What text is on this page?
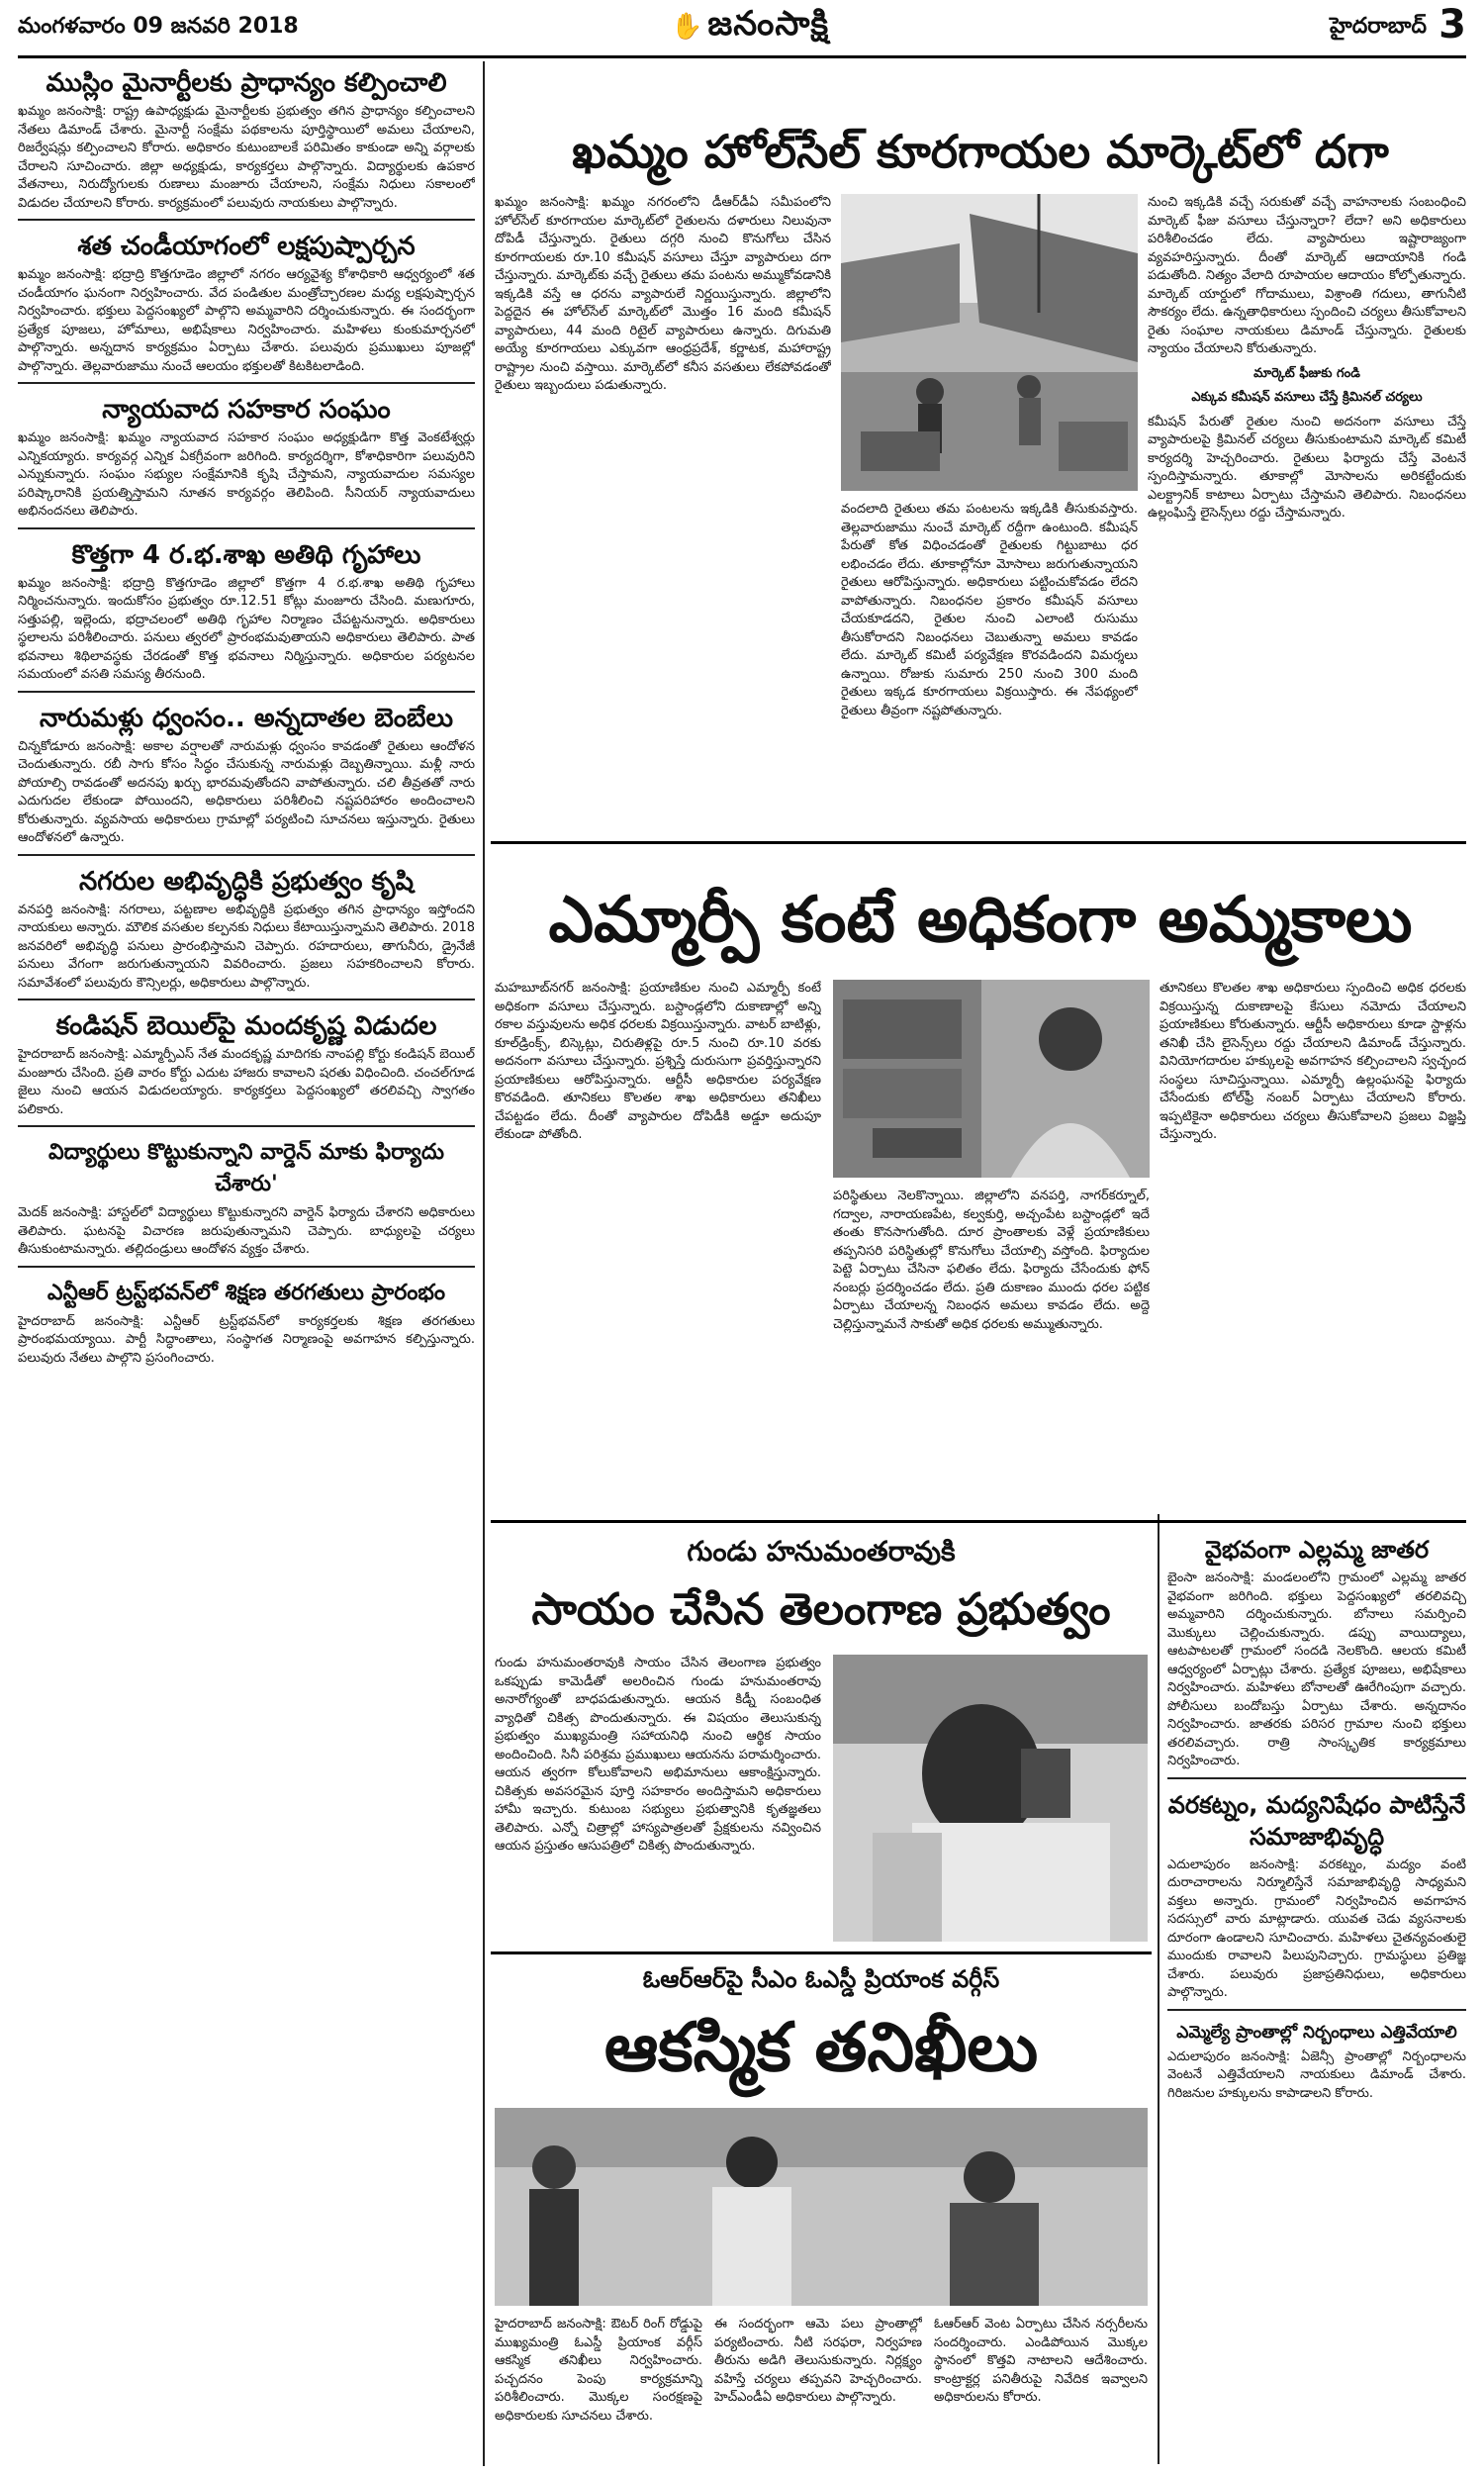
మంగళవారం 09 జనవరి 2018	✋ జనంసాక్షి	హైదరాబాద్ 3
ముస్లిం మైనార్టీలకు ప్రాధాన్యం కల్పించాలి

ఖమ్మం జనంసాక్షి: రాష్ట్ర ఉపాధ్యక్షుడు మైనార్టీలకు ప్రభుత్వం తగిన ప్రాధాన్యం కల్పించాలని నేతలు డిమాండ్ చేశారు. మైనార్టీ సంక్షేమ పథకాలను పూర్తిస్థాయిలో అమలు చేయాలని, రిజర్వేషన్లు కల్పించాలని కోరారు. అధికారం కుటుంబాలకే పరిమితం కాకుండా అన్ని వర్గాలకు చేరాలని సూచించారు. జిల్లా అధ్యక్షుడు, కార్యకర్తలు పాల్గొన్నారు. విద్యార్థులకు ఉపకార వేతనాలు, నిరుద్యోగులకు రుణాలు మంజూరు చేయాలని, సంక్షేమ నిధులు సకాలంలో విడుదల చేయాలని కోరారు. కార్యక్రమంలో పలువురు నాయకులు పాల్గొన్నారు.

శత చండీయాగంలో లక్షపుష్పార్చన

ఖమ్మం జనంసాక్షి: భద్రాద్రి కొత్తగూడెం జిల్లాలో నగరం ఆర్యవైశ్య కోశాధికారి ఆధ్వర్యంలో శత చండీయాగం ఘనంగా నిర్వహించారు. వేద పండితుల మంత్రోచ్చారణల మధ్య లక్షపుష్పార్చన నిర్వహించారు. భక్తులు పెద్దసంఖ్యలో పాల్గొని అమ్మవారిని దర్శించుకున్నారు. ఈ సందర్భంగా ప్రత్యేక పూజలు, హోమాలు, అభిషేకాలు నిర్వహించారు. మహిళలు కుంకుమార్చనలో పాల్గొన్నారు. అన్నదాన కార్యక్రమం ఏర్పాటు చేశారు. పలువురు ప్రముఖులు పూజల్లో పాల్గొన్నారు. తెల్లవారుజాము నుంచే ఆలయం భక్తులతో కిటకిటలాడింది.

న్యాయవాద సహకార సంఘం

ఖమ్మం జనంసాక్షి: ఖమ్మం న్యాయవాద సహకార సంఘం అధ్యక్షుడిగా కొత్త వెంకటేశ్వర్లు ఎన్నికయ్యారు. కార్యవర్గ ఎన్నిక ఏకగ్రీవంగా జరిగింది. కార్యదర్శిగా, కోశాధికారిగా పలువురిని ఎన్నుకున్నారు. సంఘం సభ్యుల సంక్షేమానికి కృషి చేస్తామని, న్యాయవాదుల సమస్యల పరిష్కారానికి ప్రయత్నిస్తామని నూతన కార్యవర్గం తెలిపింది. సీనియర్ న్యాయవాదులు అభినందనలు తెలిపారు.

కొత్తగా 4 ర.భ.శాఖ అతిథి గృహాలు

ఖమ్మం జనంసాక్షి: భద్రాద్రి కొత్తగూడెం జిల్లాలో కొత్తగా 4 ర.భ.శాఖ అతిథి గృహాలు నిర్మించనున్నారు. ఇందుకోసం ప్రభుత్వం రూ.12.51 కోట్లు మంజూరు చేసింది. మణుగూరు, సత్తుపల్లి, ఇల్లెందు, భద్రాచలంలో అతిథి గృహాల నిర్మాణం చేపట్టనున్నారు. అధికారులు స్థలాలను పరిశీలించారు. పనులు త్వరలో ప్రారంభమవుతాయని అధికారులు తెలిపారు. పాత భవనాలు శిథిలావస్థకు చేరడంతో కొత్త భవనాలు నిర్మిస్తున్నారు. అధికారుల పర్యటనల సమయంలో వసతి సమస్య తీరనుంది.

నారుమళ్లు ధ్వంసం.. అన్నదాతల బెంబేలు

చిన్నకోడూరు జనంసాక్షి: అకాల వర్షాలతో నారుమళ్లు ధ్వంసం కావడంతో రైతులు ఆందోళన చెందుతున్నారు. రబీ సాగు కోసం సిద్ధం చేసుకున్న నారుమళ్లు దెబ్బతిన్నాయి. మళ్లీ నారు పోయాల్సి రావడంతో అదనపు ఖర్చు భారమవుతోందని వాపోతున్నారు. చలి తీవ్రతతో నారు ఎదుగుదల లేకుండా పోయిందని, అధికారులు పరిశీలించి నష్టపరిహారం అందించాలని కోరుతున్నారు. వ్యవసాయ అధికారులు గ్రామాల్లో పర్యటించి సూచనలు ఇస్తున్నారు. రైతులు ఆందోళనలో ఉన్నారు.

నగరుల అభివృద్ధికి ప్రభుత్వం కృషి

వనపర్తి జనంసాక్షి: నగరాలు, పట్టణాల అభివృద్ధికి ప్రభుత్వం తగిన ప్రాధాన్యం ఇస్తోందని నాయకులు అన్నారు. మౌలిక వసతుల కల్పనకు నిధులు కేటాయిస్తున్నామని తెలిపారు. 2018 జనవరిలో అభివృద్ధి పనులు ప్రారంభిస్తామని చెప్పారు. రహదారులు, తాగునీరు, డ్రైనేజీ పనులు వేగంగా జరుగుతున్నాయని వివరించారు. ప్రజలు సహకరించాలని కోరారు. సమావేశంలో పలువురు కౌన్సిలర్లు, అధికారులు పాల్గొన్నారు.

కండిషన్ బెయిల్‌పై మందకృష్ణ విడుదల

హైదరాబాద్ జనంసాక్షి: ఎమ్మార్పీఎస్ నేత మందకృష్ణ మాదిగకు నాంపల్లి కోర్టు కండిషన్ బెయిల్ మంజూరు చేసింది. ప్రతి వారం కోర్టు ఎదుట హాజరు కావాలని షరతు విధించింది. చంచల్‌గూడ జైలు నుంచి ఆయన విడుదలయ్యారు. కార్యకర్తలు పెద్దసంఖ్యలో తరలివచ్చి స్వాగతం పలికారు.

విద్యార్థులు కొట్టుకున్నాని వార్డెన్ మాకు ఫిర్యాదు చేశారు'

మెదక్ జనంసాక్షి: హాస్టల్‌లో విద్యార్థులు కొట్టుకున్నారని వార్డెన్ ఫిర్యాదు చేశారని అధికారులు తెలిపారు. ఘటనపై విచారణ జరుపుతున్నామని చెప్పారు. బాధ్యులపై చర్యలు తీసుకుంటామన్నారు. తల్లిదండ్రులు ఆందోళన వ్యక్తం చేశారు.

ఎన్టీఆర్ ట్రస్ట్‌భవన్‌లో శిక్షణ తరగతులు ప్రారంభం

హైదరాబాద్ జనంసాక్షి: ఎన్టీఆర్ ట్రస్ట్‌భవన్‌లో కార్యకర్తలకు శిక్షణ తరగతులు ప్రారంభమయ్యాయి. పార్టీ సిద్ధాంతాలు, సంస్థాగత నిర్మాణంపై అవగాహన కల్పిస్తున్నారు. పలువురు నేతలు పాల్గొని ప్రసంగించారు.

ఖమ్మం హోల్‌సేల్ కూరగాయల మార్కెట్‌లో దగా

ఖమ్మం జనంసాక్షి: ఖమ్మం నగరంలోని డీఆర్‌డీఏ సమీపంలోని హోల్‌సేల్ కూరగాయల మార్కెట్‌లో రైతులను దళారులు నిలువునా దోపిడీ చేస్తున్నారు. రైతులు దగ్గరి నుంచి కొనుగోలు చేసిన కూరగాయలకు రూ.10 కమీషన్ వసూలు చేస్తూ వ్యాపారులు దగా చేస్తున్నారు. మార్కెట్‌కు వచ్చే రైతులు తమ పంటను అమ్ముకోవడానికి ఇక్కడికి వస్తే ఆ ధరను వ్యాపారులే నిర్ణయిస్తున్నారు. జిల్లాలోని పెద్దదైన ఈ హోల్‌సేల్ మార్కెట్‌లో మొత్తం 16 మంది కమీషన్ వ్యాపారులు, 44 మంది రిటైల్ వ్యాపారులు ఉన్నారు. దిగుమతి అయ్యే కూరగాయలు ఎక్కువగా ఆంధ్రప్రదేశ్, కర్ణాటక, మహారాష్ట్ర రాష్ట్రాల నుంచి వస్తాయి. మార్కెట్‌లో కనీస వసతులు లేకపోవడంతో రైతులు ఇబ్బందులు పడుతున్నారు.

వందలాది రైతులు తమ పంటలను ఇక్కడికి తీసుకువస్తారు. తెల్లవారుజాము నుంచే మార్కెట్ రద్దీగా ఉంటుంది. కమీషన్ పేరుతో కోత విధించడంతో రైతులకు గిట్టుబాటు ధర లభించడం లేదు. తూకాల్లోనూ మోసాలు జరుగుతున్నాయని రైతులు ఆరోపిస్తున్నారు. అధికారులు పట్టించుకోవడం లేదని వాపోతున్నారు. నిబంధనల ప్రకారం కమీషన్ వసూలు చేయకూడదని, రైతుల నుంచి ఎలాంటి రుసుము తీసుకోరాదని నిబంధనలు చెబుతున్నా అమలు కావడం లేదు. మార్కెట్ కమిటీ పర్యవేక్షణ కొరవడిందని విమర్శలు ఉన్నాయి. రోజుకు సుమారు 250 నుంచి 300 మంది రైతులు ఇక్కడ కూరగాయలు విక్రయిస్తారు. ఈ నేపథ్యంలో రైతులు తీవ్రంగా నష్టపోతున్నారు.

నుంచి ఇక్కడికి వచ్చే సరుకుతో వచ్చే వాహనాలకు సంబంధించి మార్కెట్ ఫీజు వసూలు చేస్తున్నారా? లేదా? అని అధికారులు పరిశీలించడం లేదు. వ్యాపారులు ఇష్టారాజ్యంగా వ్యవహరిస్తున్నారు. దీంతో మార్కెట్ ఆదాయానికి గండి పడుతోంది. నిత్యం వేలాది రూపాయల ఆదాయం కోల్పోతున్నారు. మార్కెట్ యార్డులో గోదాములు, విశ్రాంతి గదులు, తాగునీటి సౌకర్యం లేదు. ఉన్నతాధికారులు స్పందించి చర్యలు తీసుకోవాలని రైతు సంఘాల నాయకులు డిమాండ్ చేస్తున్నారు. రైతులకు న్యాయం చేయాలని కోరుతున్నారు.

మార్కెట్ ఫీజుకు గండి

ఎక్కువ కమీషన్ వసూలు చేస్తే క్రిమినల్ చర్యలు

కమీషన్ పేరుతో రైతుల నుంచి అదనంగా వసూలు చేస్తే వ్యాపారులపై క్రిమినల్ చర్యలు తీసుకుంటామని మార్కెట్ కమిటీ కార్యదర్శి హెచ్చరించారు. రైతులు ఫిర్యాదు చేస్తే వెంటనే స్పందిస్తామన్నారు. తూకాల్లో మోసాలను అరికట్టేందుకు ఎలక్ట్రానిక్ కాటాలు ఏర్పాటు చేస్తామని తెలిపారు. నిబంధనలు ఉల్లంఘిస్తే లైసెన్స్‌లు రద్దు చేస్తామన్నారు.

ఎమ్మార్పీ కంటే అధికంగా అమ్మకాలు

మహబూబ్‌నగర్ జనంసాక్షి: ప్రయాణికుల నుంచి ఎమ్మార్పీ కంటే అధికంగా వసూలు చేస్తున్నారు. బస్టాండ్లలోని దుకాణాల్లో అన్ని రకాల వస్తువులను అధిక ధరలకు విక్రయిస్తున్నారు. వాటర్ బాటిళ్లు, కూల్‌డ్రింక్స్, బిస్కెట్లు, చిరుతిళ్లపై రూ.5 నుంచి రూ.10 వరకు అదనంగా వసూలు చేస్తున్నారు. ప్రశ్నిస్తే దురుసుగా ప్రవర్తిస్తున్నారని ప్రయాణికులు ఆరోపిస్తున్నారు. ఆర్టీసీ అధికారుల పర్యవేక్షణ కొరవడింది. తూనికలు కొలతల శాఖ అధికారులు తనిఖీలు చేపట్టడం లేదు. దీంతో వ్యాపారుల దోపిడీకి అడ్డూ అదుపూ లేకుండా పోతోంది.

పరిస్థితులు నెలకొన్నాయి. జిల్లాలోని వనపర్తి, నాగర్‌కర్నూల్, గద్వాల, నారాయణపేట, కల్వకుర్తి, అచ్చంపేట బస్టాండ్లలో ఇదే తంతు కొనసాగుతోంది. దూర ప్రాంతాలకు వెళ్లే ప్రయాణికులు తప్పనిసరి పరిస్థితుల్లో కొనుగోలు చేయాల్సి వస్తోంది. ఫిర్యాదుల పెట్టె ఏర్పాటు చేసినా ఫలితం లేదు. ఫిర్యాదు చేసేందుకు ఫోన్ నంబర్లు ప్రదర్శించడం లేదు. ప్రతి దుకాణం ముందు ధరల పట్టిక ఏర్పాటు చేయాలన్న నిబంధన అమలు కావడం లేదు. అద్దె చెల్లిస్తున్నామనే సాకుతో అధిక ధరలకు అమ్ముతున్నారు.

తూనికలు కొలతల శాఖ అధికారులు స్పందించి అధిక ధరలకు విక్రయిస్తున్న దుకాణాలపై కేసులు నమోదు చేయాలని ప్రయాణికులు కోరుతున్నారు. ఆర్టీసీ అధికారులు కూడా స్టాళ్లను తనిఖీ చేసి లైసెన్స్‌లు రద్దు చేయాలని డిమాండ్ చేస్తున్నారు. వినియోగదారుల హక్కులపై అవగాహన కల్పించాలని స్వచ్ఛంద సంస్థలు సూచిస్తున్నాయి. ఎమ్మార్పీ ఉల్లంఘనపై ఫిర్యాదు చేసేందుకు టోల్‌ఫ్రీ నంబర్ ఏర్పాటు చేయాలని కోరారు. ఇప్పటికైనా అధికారులు చర్యలు తీసుకోవాలని ప్రజలు విజ్ఞప్తి చేస్తున్నారు.

గుండు హనుమంతరావుకి
సాయం చేసిన తెలంగాణ ప్రభుత్వం

గుండు హనుమంతరావుకి సాయం చేసిన తెలంగాణ ప్రభుత్వం ఒకప్పుడు కామెడీతో అలరించిన గుండు హనుమంతరావు అనారోగ్యంతో బాధపడుతున్నారు. ఆయన కిడ్నీ సంబంధిత వ్యాధితో చికిత్స పొందుతున్నారు. ఈ విషయం తెలుసుకున్న ప్రభుత్వం ముఖ్యమంత్రి సహాయనిధి నుంచి ఆర్థిక సాయం అందించింది. సినీ పరిశ్రమ ప్రముఖులు ఆయనను పరామర్శించారు. ఆయన త్వరగా కోలుకోవాలని అభిమానులు ఆకాంక్షిస్తున్నారు. చికిత్సకు అవసరమైన పూర్తి సహకారం అందిస్తామని అధికారులు హామీ ఇచ్చారు. కుటుంబ సభ్యులు ప్రభుత్వానికి కృతజ్ఞతలు తెలిపారు. ఎన్నో చిత్రాల్లో హాస్యపాత్రలతో ప్రేక్షకులను నవ్వించిన ఆయన ప్రస్తుతం ఆసుపత్రిలో చికిత్స పొందుతున్నారు.

ఓఆర్‌ఆర్‌పై సీఎం ఓఎస్డీ ప్రియాంక వర్గీస్
ఆకస్మిక తనిఖీలు

హైదరాబాద్ జనంసాక్షి: ఔటర్ రింగ్ రోడ్డుపై ముఖ్యమంత్రి ఓఎస్డీ ప్రియాంక వర్గీస్ ఆకస్మిక తనిఖీలు నిర్వహించారు. పచ్చదనం పెంపు కార్యక్రమాన్ని పరిశీలించారు. మొక్కల సంరక్షణపై అధికారులకు సూచనలు చేశారు.

ఈ సందర్భంగా ఆమె పలు ప్రాంతాల్లో పర్యటించారు. నీటి సరఫరా, నిర్వహణ తీరును అడిగి తెలుసుకున్నారు. నిర్లక్ష్యం వహిస్తే చర్యలు తప్పవని హెచ్చరించారు. హెచ్ఎండీఏ అధికారులు పాల్గొన్నారు.

ఓఆర్‌ఆర్ వెంట ఏర్పాటు చేసిన నర్సరీలను సందర్శించారు. ఎండిపోయిన మొక్కల స్థానంలో కొత్తవి నాటాలని ఆదేశించారు. కాంట్రాక్టర్ల పనితీరుపై నివేదిక ఇవ్వాలని అధికారులను కోరారు.

వైభవంగా ఎల్లమ్మ జాతర

బైంసా జనంసాక్షి: మండలంలోని గ్రామంలో ఎల్లమ్మ జాతర వైభవంగా జరిగింది. భక్తులు పెద్దసంఖ్యలో తరలివచ్చి అమ్మవారిని దర్శించుకున్నారు. బోనాలు సమర్పించి మొక్కులు చెల్లించుకున్నారు. డప్పు వాయిద్యాలు, ఆటపాటలతో గ్రామంలో సందడి నెలకొంది. ఆలయ కమిటీ ఆధ్వర్యంలో ఏర్పాట్లు చేశారు. ప్రత్యేక పూజలు, అభిషేకాలు నిర్వహించారు. మహిళలు బోనాలతో ఊరేగింపుగా వచ్చారు. పోలీసులు బందోబస్తు ఏర్పాటు చేశారు. అన్నదానం నిర్వహించారు. జాతరకు పరిసర గ్రామాల నుంచి భక్తులు తరలివచ్చారు. రాత్రి సాంస్కృతిక కార్యక్రమాలు నిర్వహించారు.

వరకట్నం, మద్యనిషేధం పాటిస్తేనే సమాజాభివృద్ధి

ఎదులాపురం జనంసాక్షి: వరకట్నం, మద్యం వంటి దురాచారాలను నిర్మూలిస్తేనే సమాజాభివృద్ధి సాధ్యమని వక్తలు అన్నారు. గ్రామంలో నిర్వహించిన అవగాహన సదస్సులో వారు మాట్లాడారు. యువత చెడు వ్యసనాలకు దూరంగా ఉండాలని సూచించారు. మహిళలు చైతన్యవంతులై ముందుకు రావాలని పిలుపునిచ్చారు. గ్రామస్థులు ప్రతిజ్ఞ చేశారు. పలువురు ప్రజాప్రతినిధులు, అధికారులు పాల్గొన్నారు.

ఎమ్మెల్యే ప్రాంతాల్లో నిర్బంధాలు ఎత్తివేయాలి

ఎదులాపురం జనంసాక్షి: ఏజెన్సీ ప్రాంతాల్లో నిర్బంధాలను వెంటనే ఎత్తివేయాలని నాయకులు డిమాండ్ చేశారు. గిరిజనుల హక్కులను కాపాడాలని కోరారు.
